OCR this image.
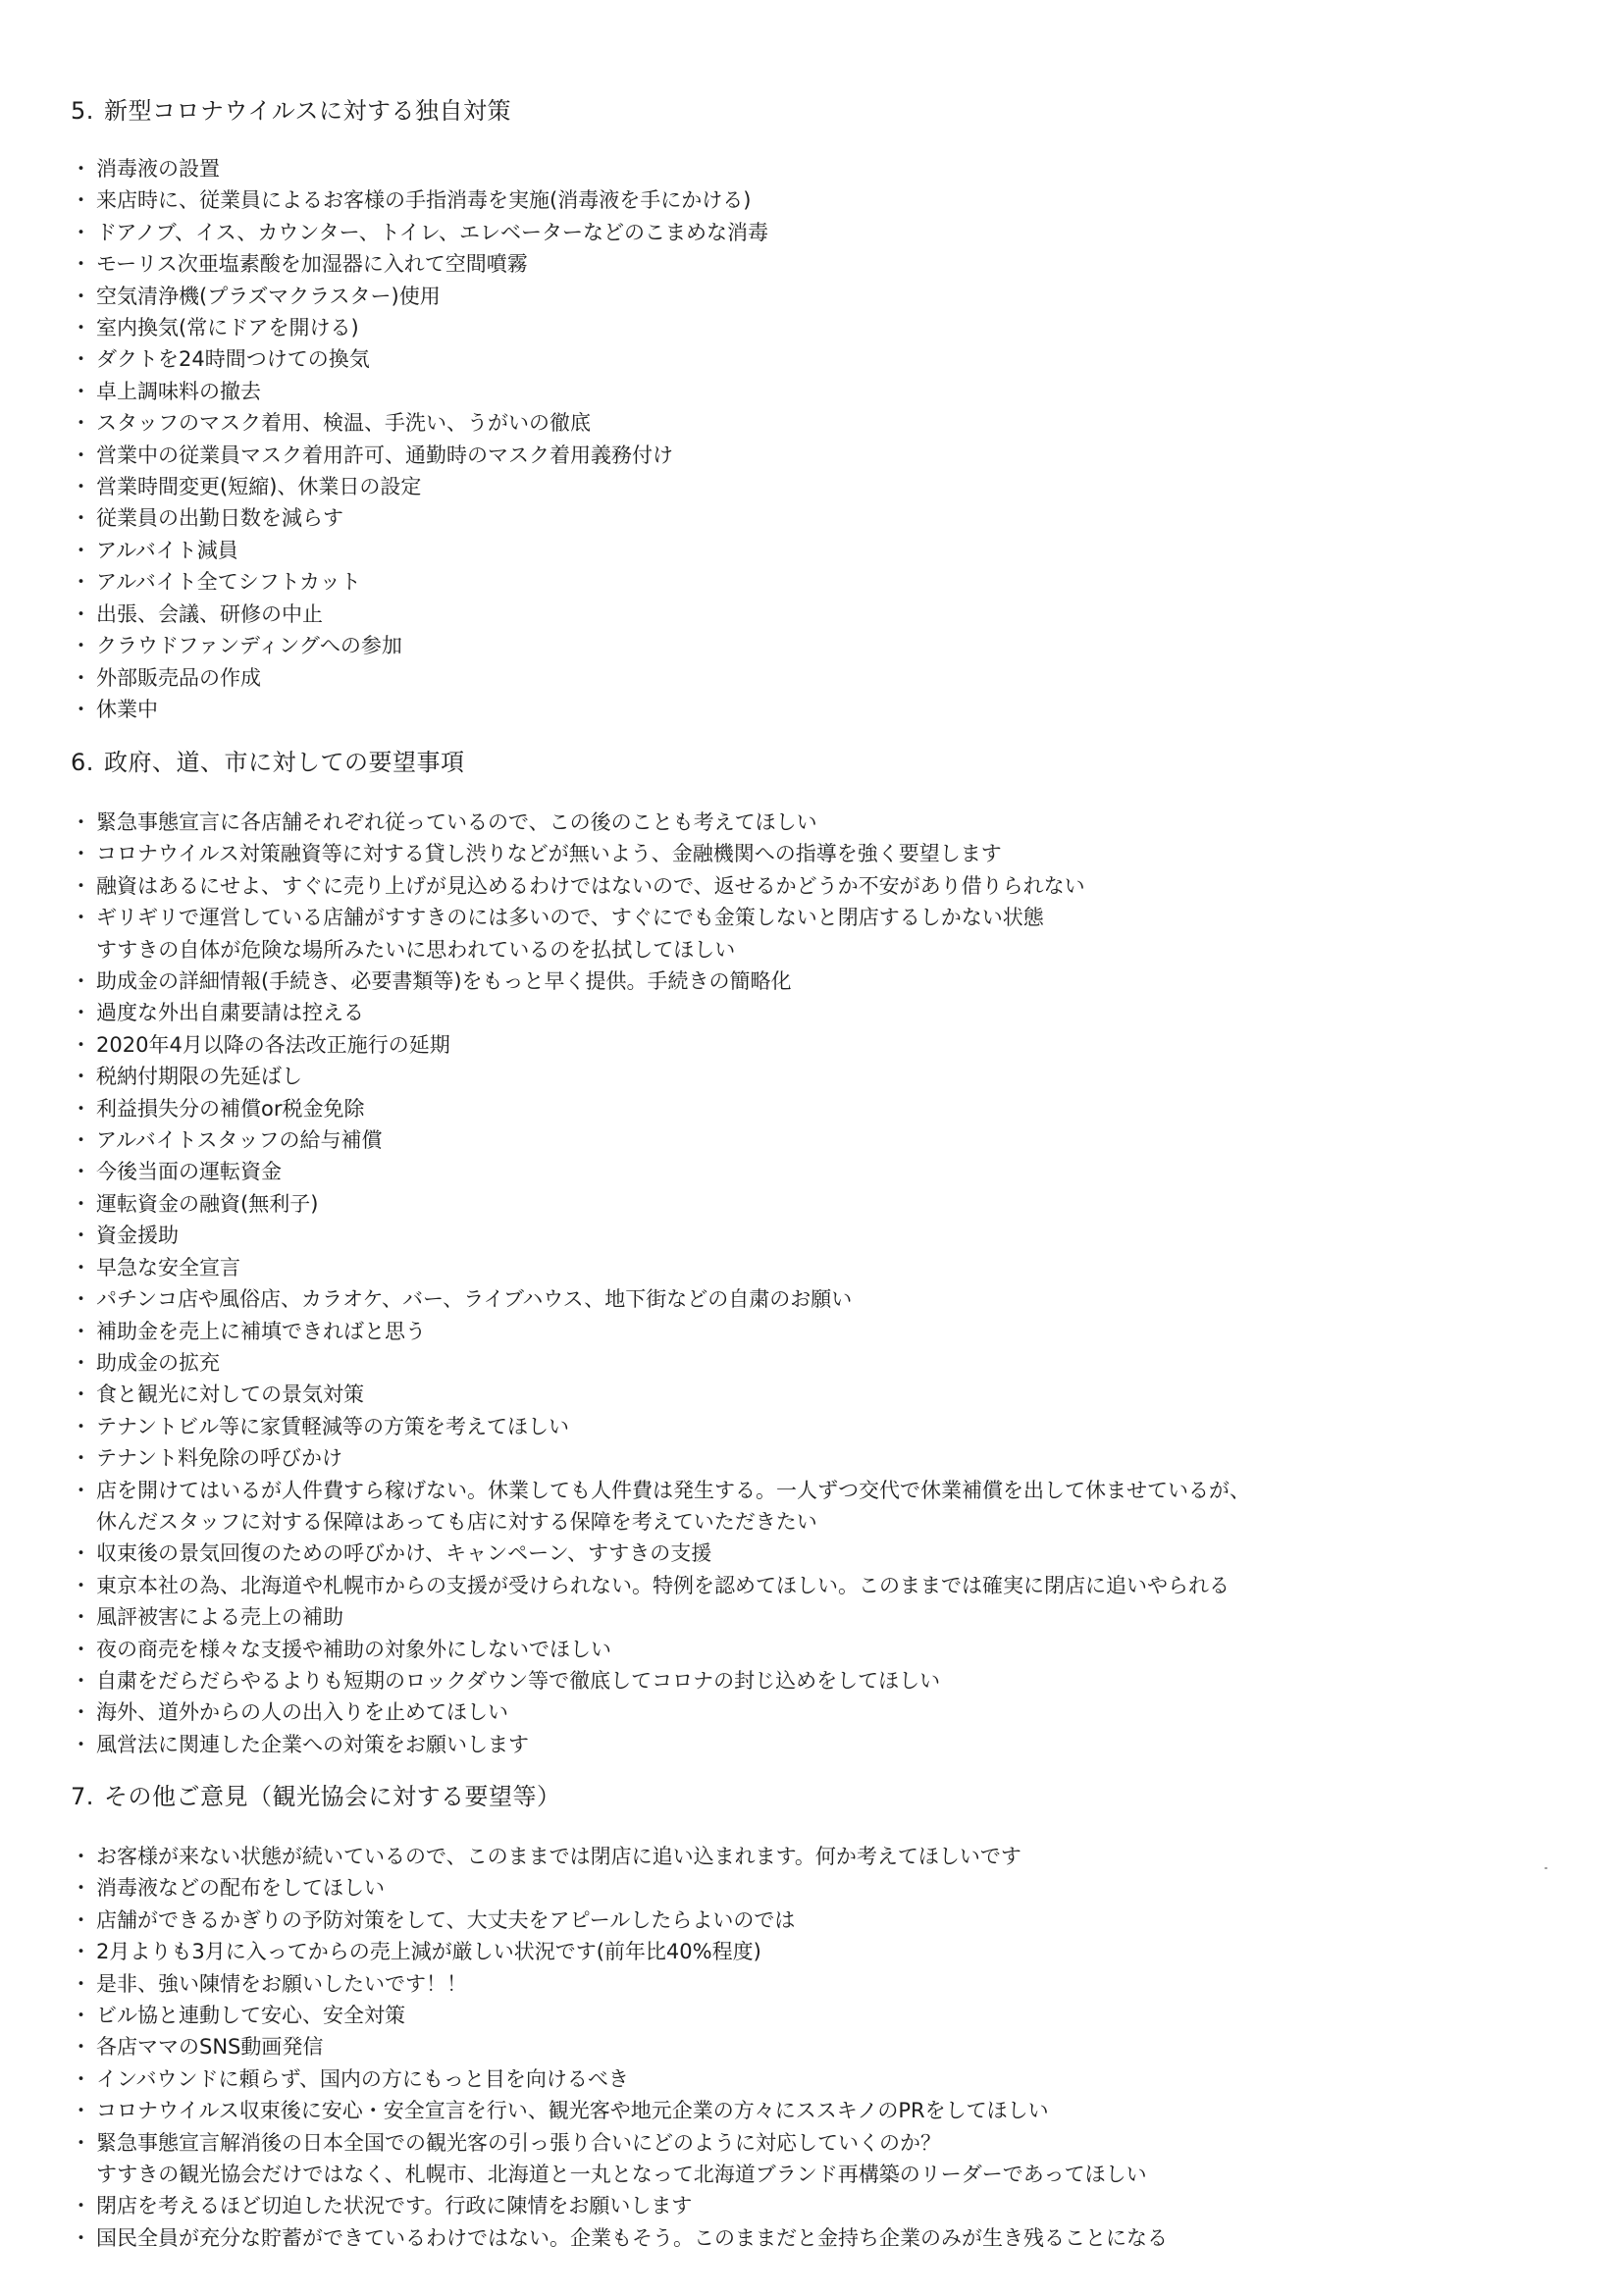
5. 新型コロナウイルスに対する独自対策
・ 消毒液の設置
・ 来店時に、従業員によるお客様の手指消毒を実施(消毒液を手にかける)
・ ドアノブ、イス、カウンター、トイレ、エレベーターなどのこまめな消毒
・ モーリス次亜塩素酸を加湿器に入れて空間噴霧
・ 空気清浄機(プラズマクラスター)使用
・ 室内換気(常にドアを開ける)
・ ダクトを24時間つけての換気
・ 卓上調味料の撤去
・ スタッフのマスク着用、検温、手洗い、うがいの徹底
・ 営業中の従業員マスク着用許可、通勤時のマスク着用義務付け
・ 営業時間変更(短縮)、休業日の設定
・ 従業員の出勤日数を減らす
・ アルバイト減員
・ アルバイト全てシフトカット
・ 出張、会議、研修の中止
・ クラウドファンディングへの参加
・ 外部販売品の作成
・ 休業中
6. 政府、道、市に対しての要望事項
・ 緊急事態宣言に各店舗それぞれ従っているので、この後のことも考えてほしい
・ コロナウイルス対策融資等に対する貸し渋りなどが無いよう、金融機関への指導を強く要望します
・ 融資はあるにせよ、すぐに売り上げが見込めるわけではないので、返せるかどうか不安があり借りられない
・ ギリギリで運営している店舗がすすきのには多いので、すぐにでも金策しないと閉店するしかない状態
すすきの自体が危険な場所みたいに思われているのを払拭してほしい
・ 助成金の詳細情報(手続き、必要書類等)をもっと早く提供。手続きの簡略化
・ 過度な外出自粛要請は控える
・ 2020年4月以降の各法改正施行の延期
・ 税納付期限の先延ばし
・ 利益損失分の補償or税金免除
・ アルバイトスタッフの給与補償
・ 今後当面の運転資金
・ 運転資金の融資(無利子)
・ 資金援助
・ 早急な安全宣言
・ パチンコ店や風俗店、カラオケ、バー、ライブハウス、地下街などの自粛のお願い
・ 補助金を売上に補填できればと思う
・ 助成金の拡充
・ 食と観光に対しての景気対策
・ テナントビル等に家賃軽減等の方策を考えてほしい
・ テナント料免除の呼びかけ
・ 店を開けてはいるが人件費すら稼げない。休業しても人件費は発生する。一人ずつ交代で休業補償を出して休ませているが、
休んだスタッフに対する保障はあっても店に対する保障を考えていただきたい
・ 収束後の景気回復のための呼びかけ、キャンペーン、すすきの支援
・ 東京本社の為、北海道や札幌市からの支援が受けられない。特例を認めてほしい。このままでは確実に閉店に追いやられる
・ 風評被害による売上の補助
・ 夜の商売を様々な支援や補助の対象外にしないでほしい
・ 自粛をだらだらやるよりも短期のロックダウン等で徹底してコロナの封じ込めをしてほしい
・ 海外、道外からの人の出入りを止めてほしい
・ 風営法に関連した企業への対策をお願いします
7. その他ご意見（観光協会に対する要望等）
・ お客様が来ない状態が続いているので、このままでは閉店に追い込まれます。何か考えてほしいです
・ 消毒液などの配布をしてほしい
・ 店舗ができるかぎりの予防対策をして、大丈夫をアピールしたらよいのでは
・ 2月よりも3月に入ってからの売上減が厳しい状況です(前年比40%程度)
・ 是非、強い陳情をお願いしたいです！！
・ ビル協と連動して安心、安全対策
・ 各店ママのSNS動画発信
・ インバウンドに頼らず、国内の方にもっと目を向けるべき
・ コロナウイルス収束後に安心・安全宣言を行い、観光客や地元企業の方々にススキノのPRをしてほしい
・ 緊急事態宣言解消後の日本全国での観光客の引っ張り合いにどのように対応していくのか？
すすきの観光協会だけではなく、札幌市、北海道と一丸となって北海道ブランド再構築のリーダーであってほしい
・ 閉店を考えるほど切迫した状況です。行政に陳情をお願いします
・ 国民全員が充分な貯蓄ができているわけではない。企業もそう。このままだと金持ち企業のみが生き残ることになる
